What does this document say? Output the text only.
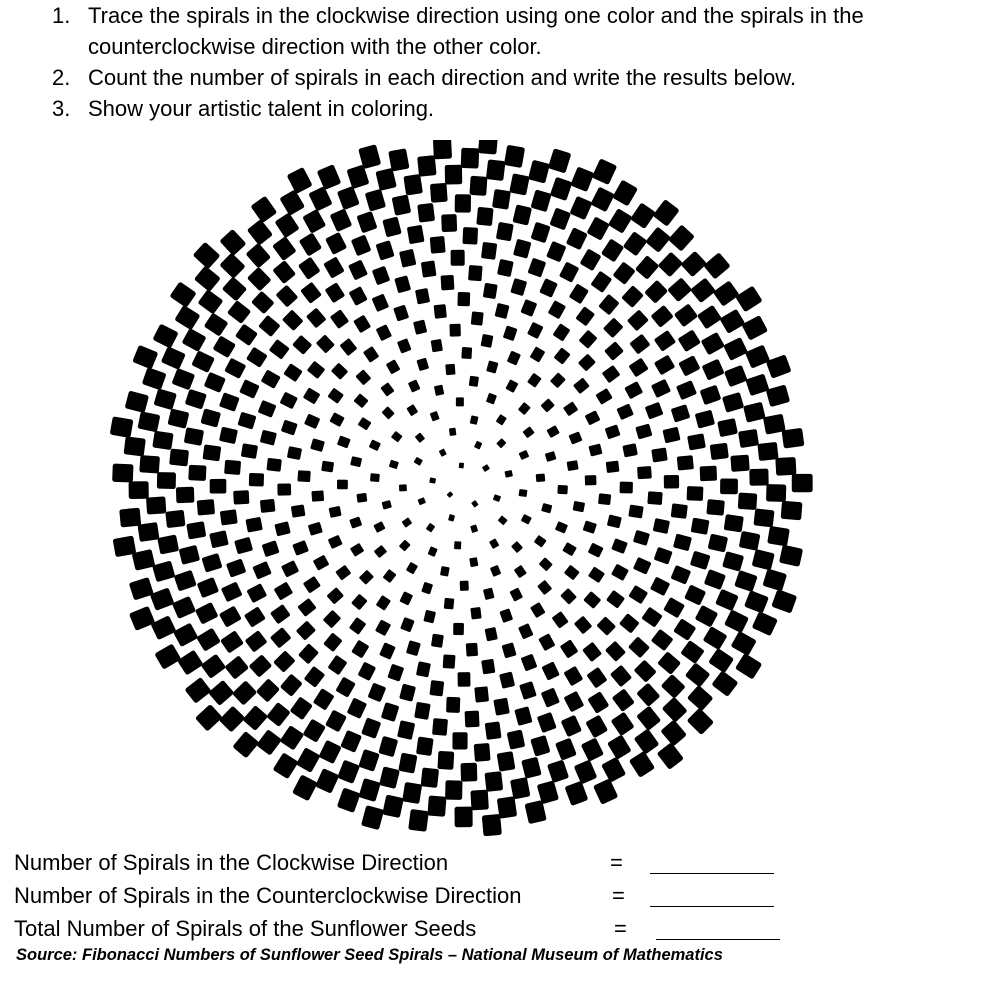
1. Trace the spirals in the clockwise direction using one color and the spirals in the counterclockwise direction with the other color.
2. Count the number of spirals in each direction and write the results below.
3. Show your artistic talent in coloring.
Number of Spirals in the Clockwise Direction	=
Number of Spirals in the Counterclockwise Direction	=
Total Number of Spirals of the Sunflower Seeds	=
Source: Fibonacci Numbers of Sunflower Seed Spirals – National Museum of Mathematics
